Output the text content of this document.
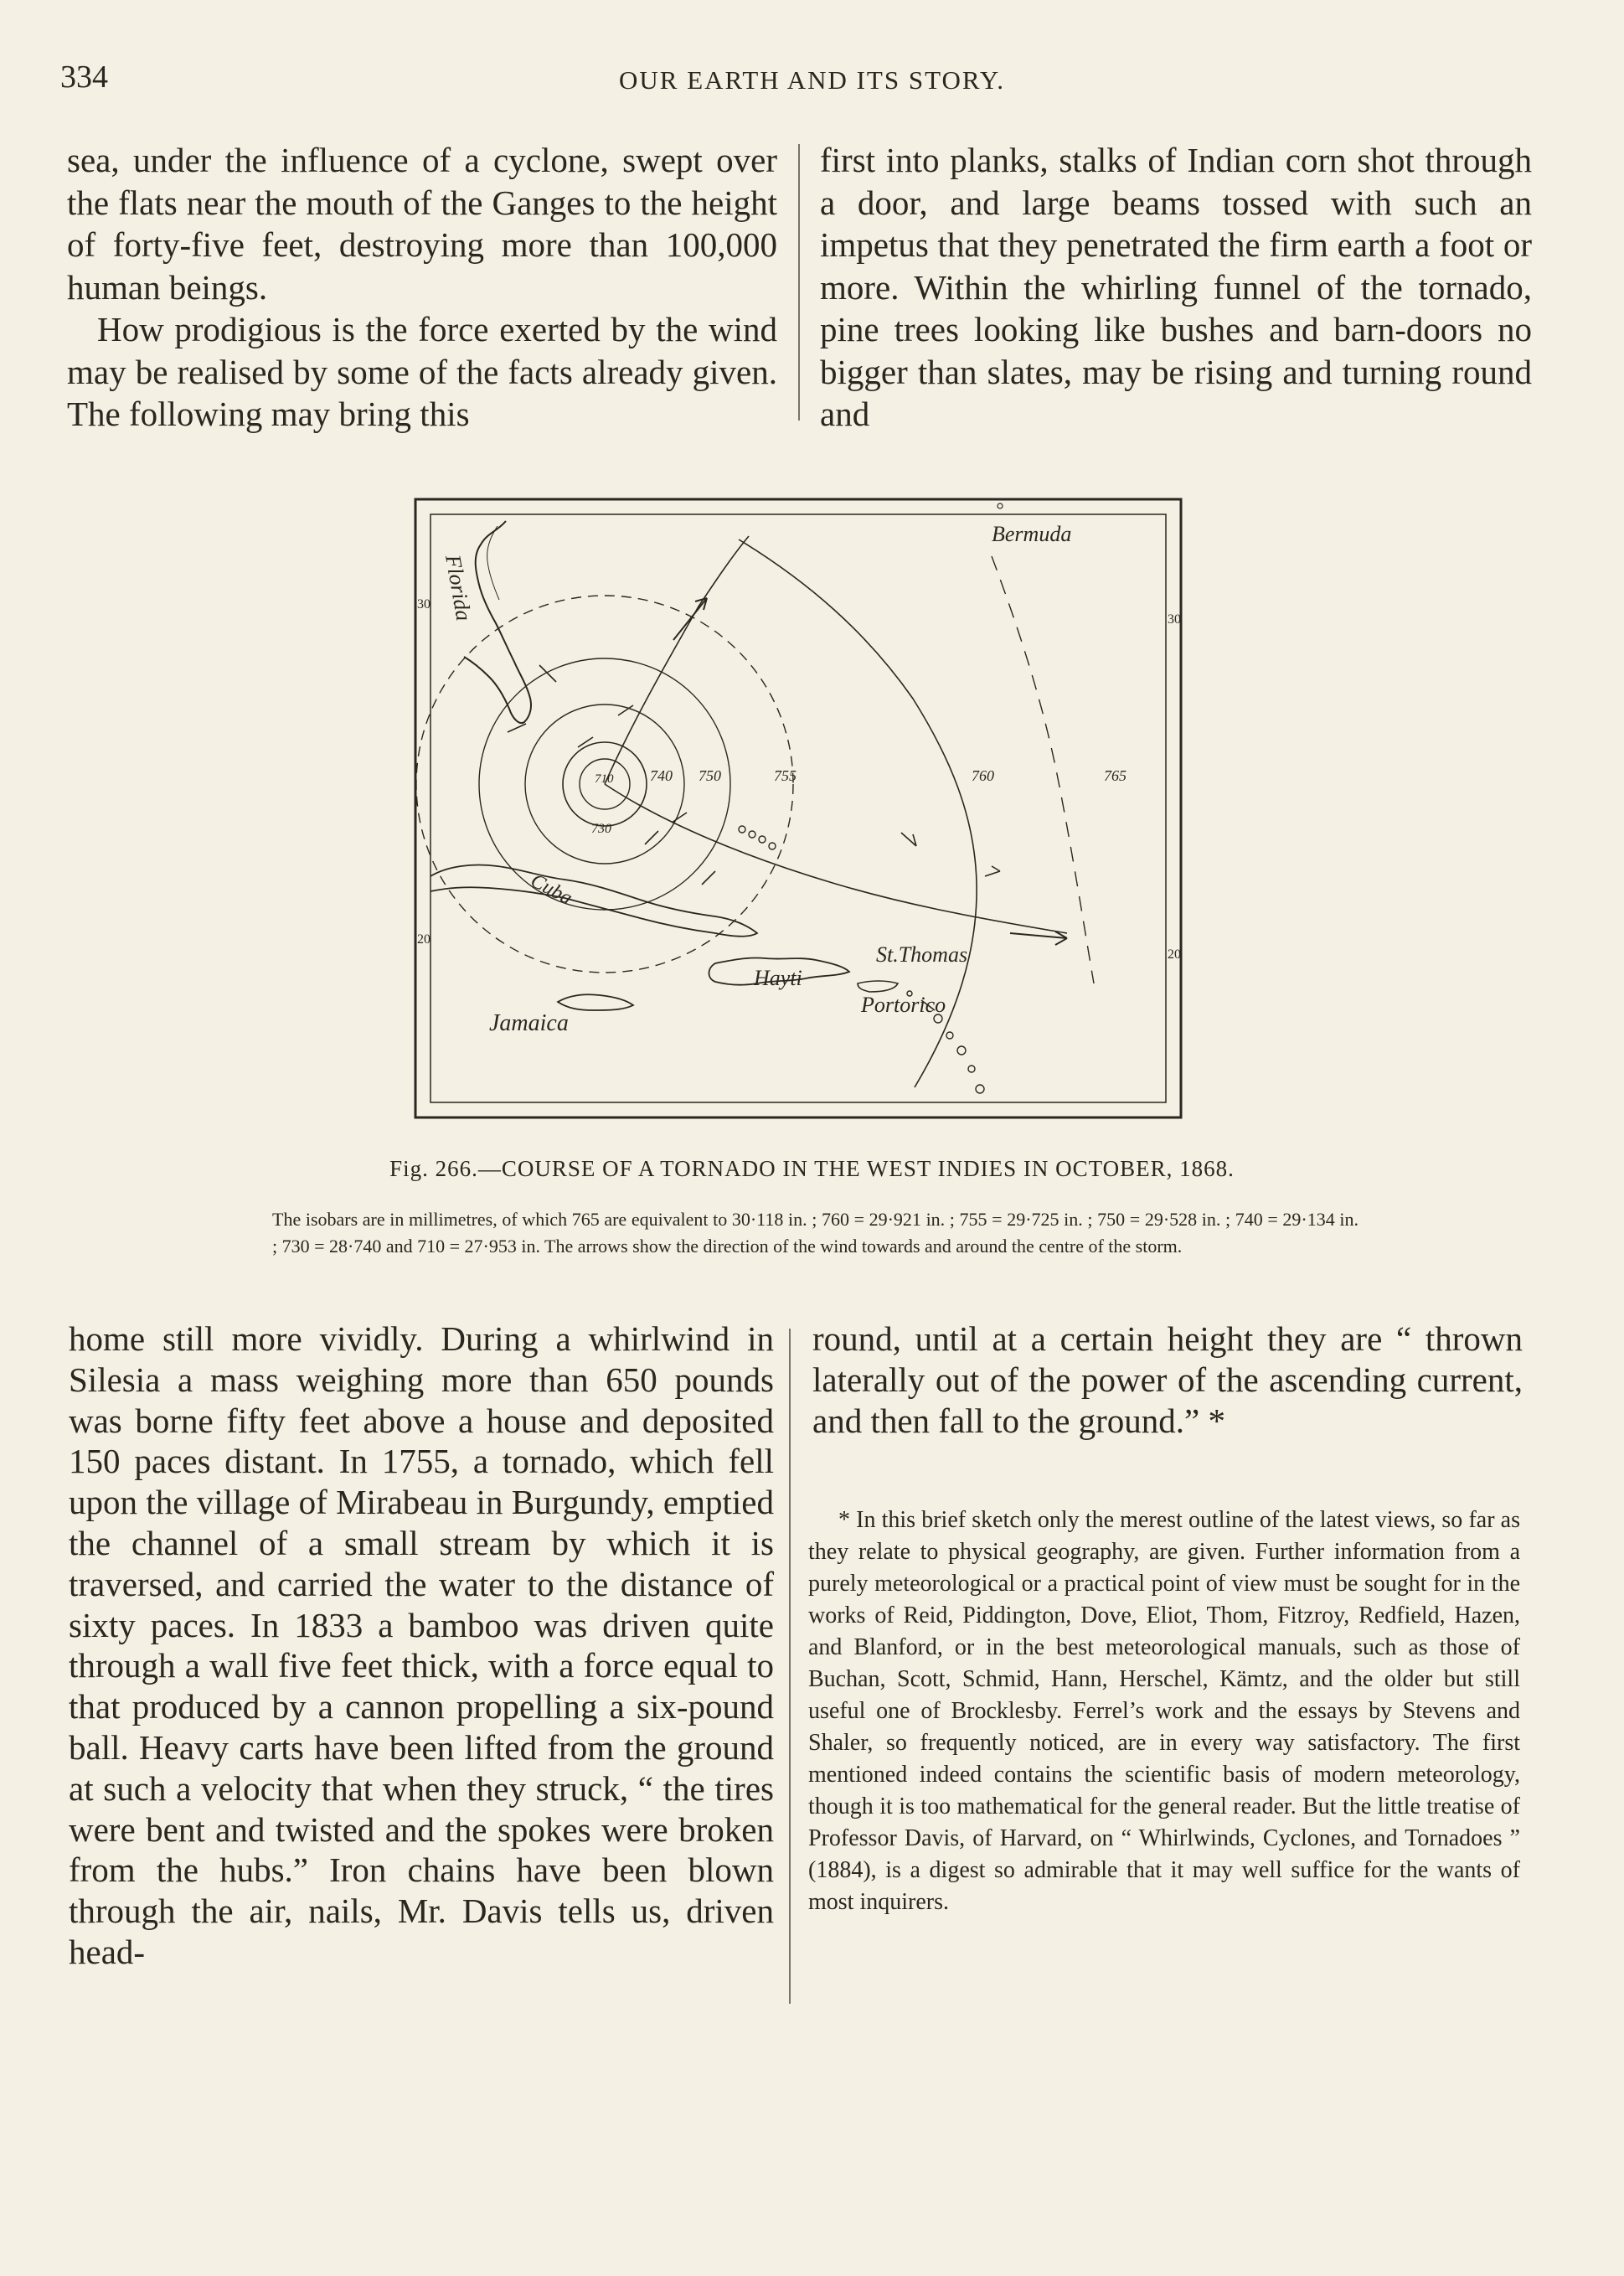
334	OUR EARTH AND ITS STORY.

sea, under the influence of a cyclone, swept over the flats near the mouth of the Ganges to the height of forty-five feet, destroying more than 100,000 human beings.

How prodigious is the force exerted by the wind may be realised by some of the facts already given. The following may bring this

first into planks, stalks of Indian corn shot through a door, and large beams tossed with such an impetus that they penetrated the firm earth a foot or more. Within the whirling funnel of the tornado, pine trees looking like bushes and barn-doors no bigger than slates, may be rising and turning round and

Bermuda
Florida
Cuba
Hayti
St.Thomas
Portorico
Jamaica
710
730
740 750	755	760	765
30
30
20
20
Fig. 266.—COURSE OF A TORNADO IN THE WEST INDIES IN OCTOBER, 1868.
The isobars are in millimetres, of which 765 are equivalent to 30·118 in. ; 760 = 29·921 in. ; 755 = 29·725 in. ; 750 = 29·528 in. ; 740 = 29·134 in. ; 730 = 28·740 and 710 = 27·953 in. The arrows show the direction of the wind towards and around the centre of the storm.

home still more vividly. During a whirlwind in Silesia a mass weighing more than 650 pounds was borne fifty feet above a house and deposited 150 paces distant. In 1755, a tornado, which fell upon the village of Mirabeau in Burgundy, emptied the channel of a small stream by which it is traversed, and carried the water to the distance of sixty paces. In 1833 a bamboo was driven quite through a wall five feet thick, with a force equal to that produced by a cannon propelling a six-pound ball. Heavy carts have been lifted from the ground at such a velocity that when they struck, “ the tires were bent and twisted and the spokes were broken from the hubs.” Iron chains have been blown through the air, nails, Mr. Davis tells us, driven head-

round, until at a certain height they are “ thrown laterally out of the power of the ascending current, and then fall to the ground.” *

* In this brief sketch only the merest outline of the latest views, so far as they relate to physical geography, are given. Further information from a purely meteorological or a practical point of view must be sought for in the works of Reid, Piddington, Dove, Eliot, Thom, Fitzroy, Redfield, Hazen, and Blanford, or in the best meteorological manuals, such as those of Buchan, Scott, Schmid, Hann, Herschel, Kämtz, and the older but still useful one of Brocklesby. Ferrel’s work and the essays by Stevens and Shaler, so frequently noticed, are in every way satisfactory. The first mentioned indeed contains the scientific basis of modern meteorology, though it is too mathematical for the general reader. But the little treatise of Professor Davis, of Harvard, on “ Whirlwinds, Cyclones, and Tornadoes ” (1884), is a digest so admirable that it may well suffice for the wants of most inquirers.
